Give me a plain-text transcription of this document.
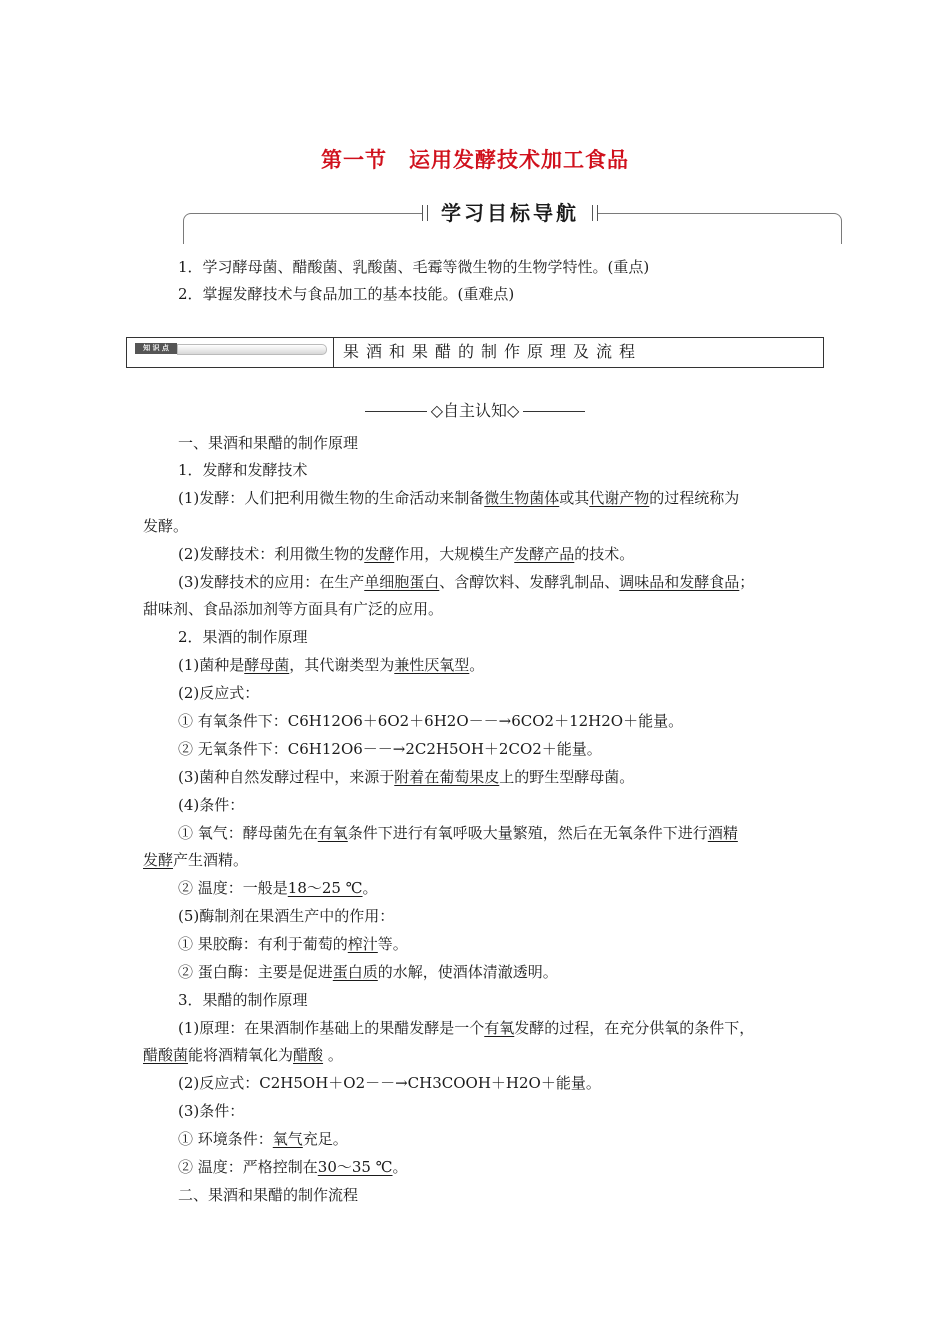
第一节　运用发酵技术加工食品
学习目标导航
1．学习酵母菌、醋酸菌、乳酸菌、毛霉等微生物的生物学特性。(重点)
2．掌握发酵技术与食品加工的基本技能。(重难点)
知 识 点	果酒和果醋的制作原理及流程
◇自主认知◇
一、果酒和果醋的制作原理
1．发酵和发酵技术
(1)发酵：人们把利用微生物的生命活动来制备微生物菌体或其代谢产物的过程统称为
发酵。
(2)发酵技术：利用微生物的发酵作用，大规模生产发酵产品的技术。
(3)发酵技术的应用：在生产单细胞蛋白、含醇饮料、发酵乳制品、调味品和发酵食品；
甜味剂、食品添加剂等方面具有广泛的应用。
2．果酒的制作原理
(1)菌种是酵母菌，其代谢类型为兼性厌氧型。
(2)反应式：
① 有氧条件下：C6H12O6＋6O2＋6H2O－－→6CO2＋12H2O＋能量。
② 无氧条件下：C6H12O6－－→2C2H5OH＋2CO2＋能量。
(3)菌种自然发酵过程中，来源于附着在葡萄果皮上的野生型酵母菌。
(4)条件：
① 氧气：酵母菌先在有氧条件下进行有氧呼吸大量繁殖，然后在无氧条件下进行酒精
发酵产生酒精。
② 温度：一般是18～25 ℃。
(5)酶制剂在果酒生产中的作用：
① 果胶酶：有利于葡萄的榨汁等。
② 蛋白酶：主要是促进蛋白质的水解，使酒体清澈透明。
3．果醋的制作原理
(1)原理：在果酒制作基础上的果醋发酵是一个有氧发酵的过程，在充分供氧的条件下，
醋酸菌能将酒精氧化为醋酸 。
(2)反应式：C2H5OH＋O2－－→CH3COOH＋H2O＋能量。
(3)条件：
① 环境条件：氧气充足。
② 温度：严格控制在30～35 ℃。
二、果酒和果醋的制作流程
